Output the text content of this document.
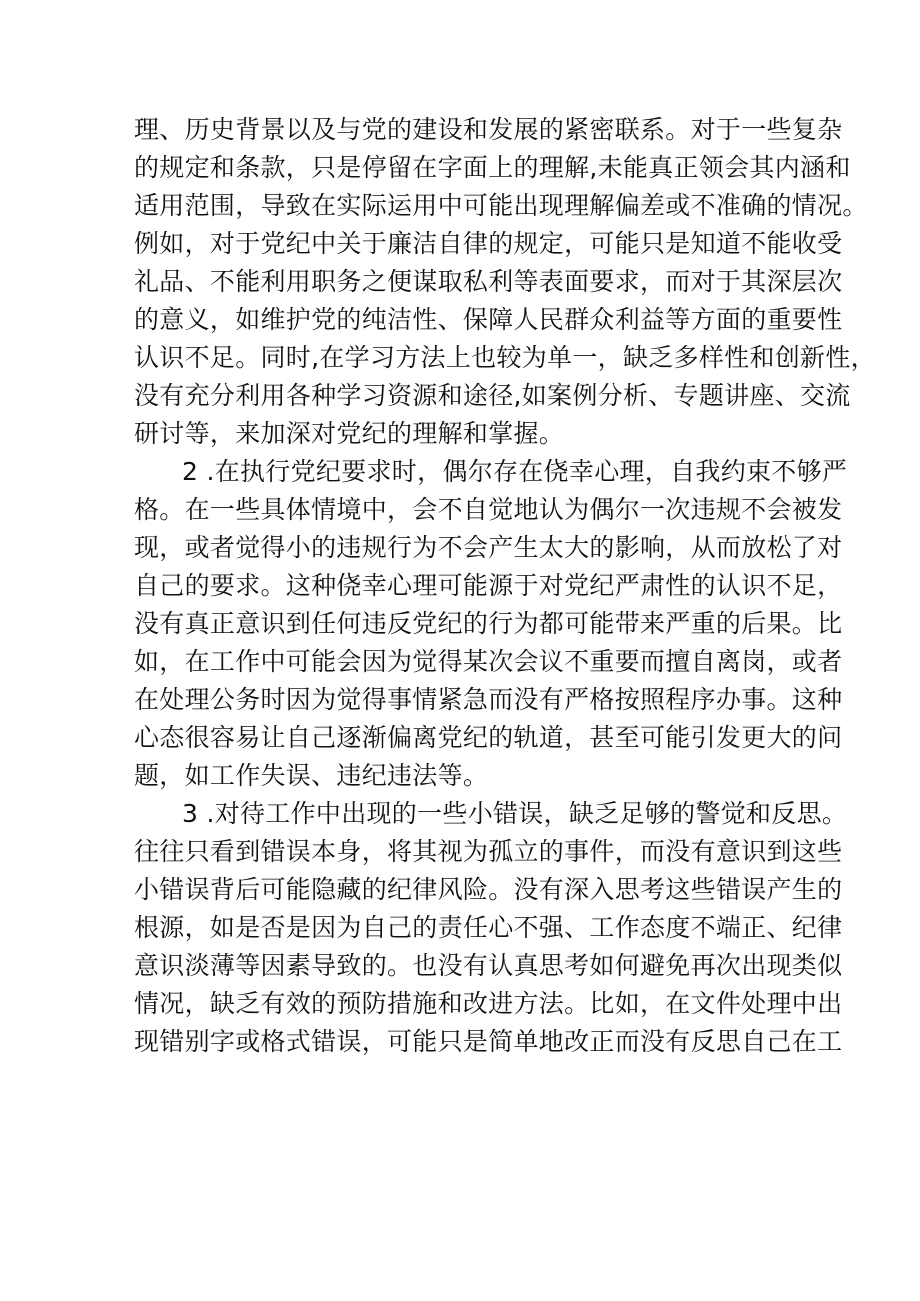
理、历史背景以及与党的建设和发展的紧密联系。对于一些复杂
的规定和条款，只是停留在字面上的理解,未能真正领会其内涵和
适用范围，导致在实际运用中可能出现理解偏差或不准确的情况。
例如，对于党纪中关于廉洁自律的规定，可能只是知道不能收受
礼品、不能利用职务之便谋取私利等表面要求，而对于其深层次
的意义，如维护党的纯洁性、保障人民群众利益等方面的重要性
认识不足。同时,在学习方法上也较为单一，缺乏多样性和创新性，
没有充分利用各种学习资源和途径,如案例分析、专题讲座、交流
研讨等，来加深对党纪的理解和掌握。
2 .在执行党纪要求时，偶尔存在侥幸心理，自我约束不够严
格。在一些具体情境中，会不自觉地认为偶尔一次违规不会被发
现，或者觉得小的违规行为不会产生太大的影响，从而放松了对
自己的要求。这种侥幸心理可能源于对党纪严肃性的认识不足，
没有真正意识到任何违反党纪的行为都可能带来严重的后果。比
如，在工作中可能会因为觉得某次会议不重要而擅自离岗，或者
在处理公务时因为觉得事情紧急而没有严格按照程序办事。这种
心态很容易让自己逐渐偏离党纪的轨道，甚至可能引发更大的问
题，如工作失误、违纪违法等。
3 .对待工作中出现的一些小错误，缺乏足够的警觉和反思。
往往只看到错误本身，将其视为孤立的事件，而没有意识到这些
小错误背后可能隐藏的纪律风险。没有深入思考这些错误产生的
根源，如是否是因为自己的责任心不强、工作态度不端正、纪律
意识淡薄等因素导致的。也没有认真思考如何避免再次出现类似
情况，缺乏有效的预防措施和改进方法。比如，在文件处理中出
现错别字或格式错误，可能只是简单地改正而没有反思自己在工
